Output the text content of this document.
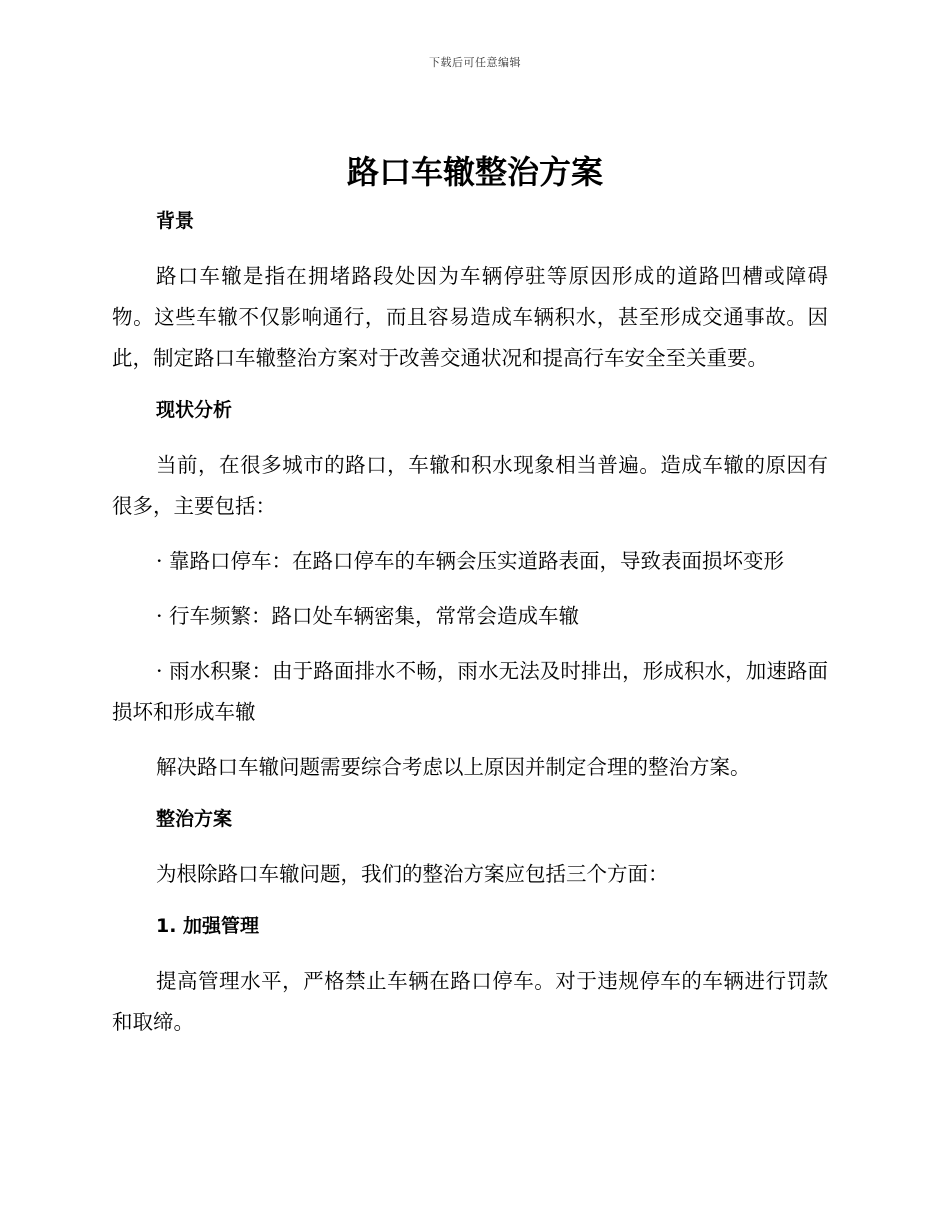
下载后可任意编辑
路口车辙整治方案
背景

路口车辙是指在拥堵路段处因为车辆停驻等原因形成的道路凹槽或障碍物。这些车辙不仅影响通行，而且容易造成车辆积水，甚至形成交通事故。因此，制定路口车辙整治方案对于改善交通状况和提高行车安全至关重要。

现状分析

当前，在很多城市的路口，车辙和积水现象相当普遍。造成车辙的原因有很多，主要包括：

· 靠路口停车：在路口停车的车辆会压实道路表面，导致表面损坏变形

· 行车频繁：路口处车辆密集，常常会造成车辙

· 雨水积聚：由于路面排水不畅，雨水无法及时排出，形成积水，加速路面损坏和形成车辙

解决路口车辙问题需要综合考虑以上原因并制定合理的整治方案。

整治方案

为根除路口车辙问题，我们的整治方案应包括三个方面：

1. 加强管理

提高管理水平，严格禁止车辆在路口停车。对于违规停车的车辆进行罚款和取缔。
